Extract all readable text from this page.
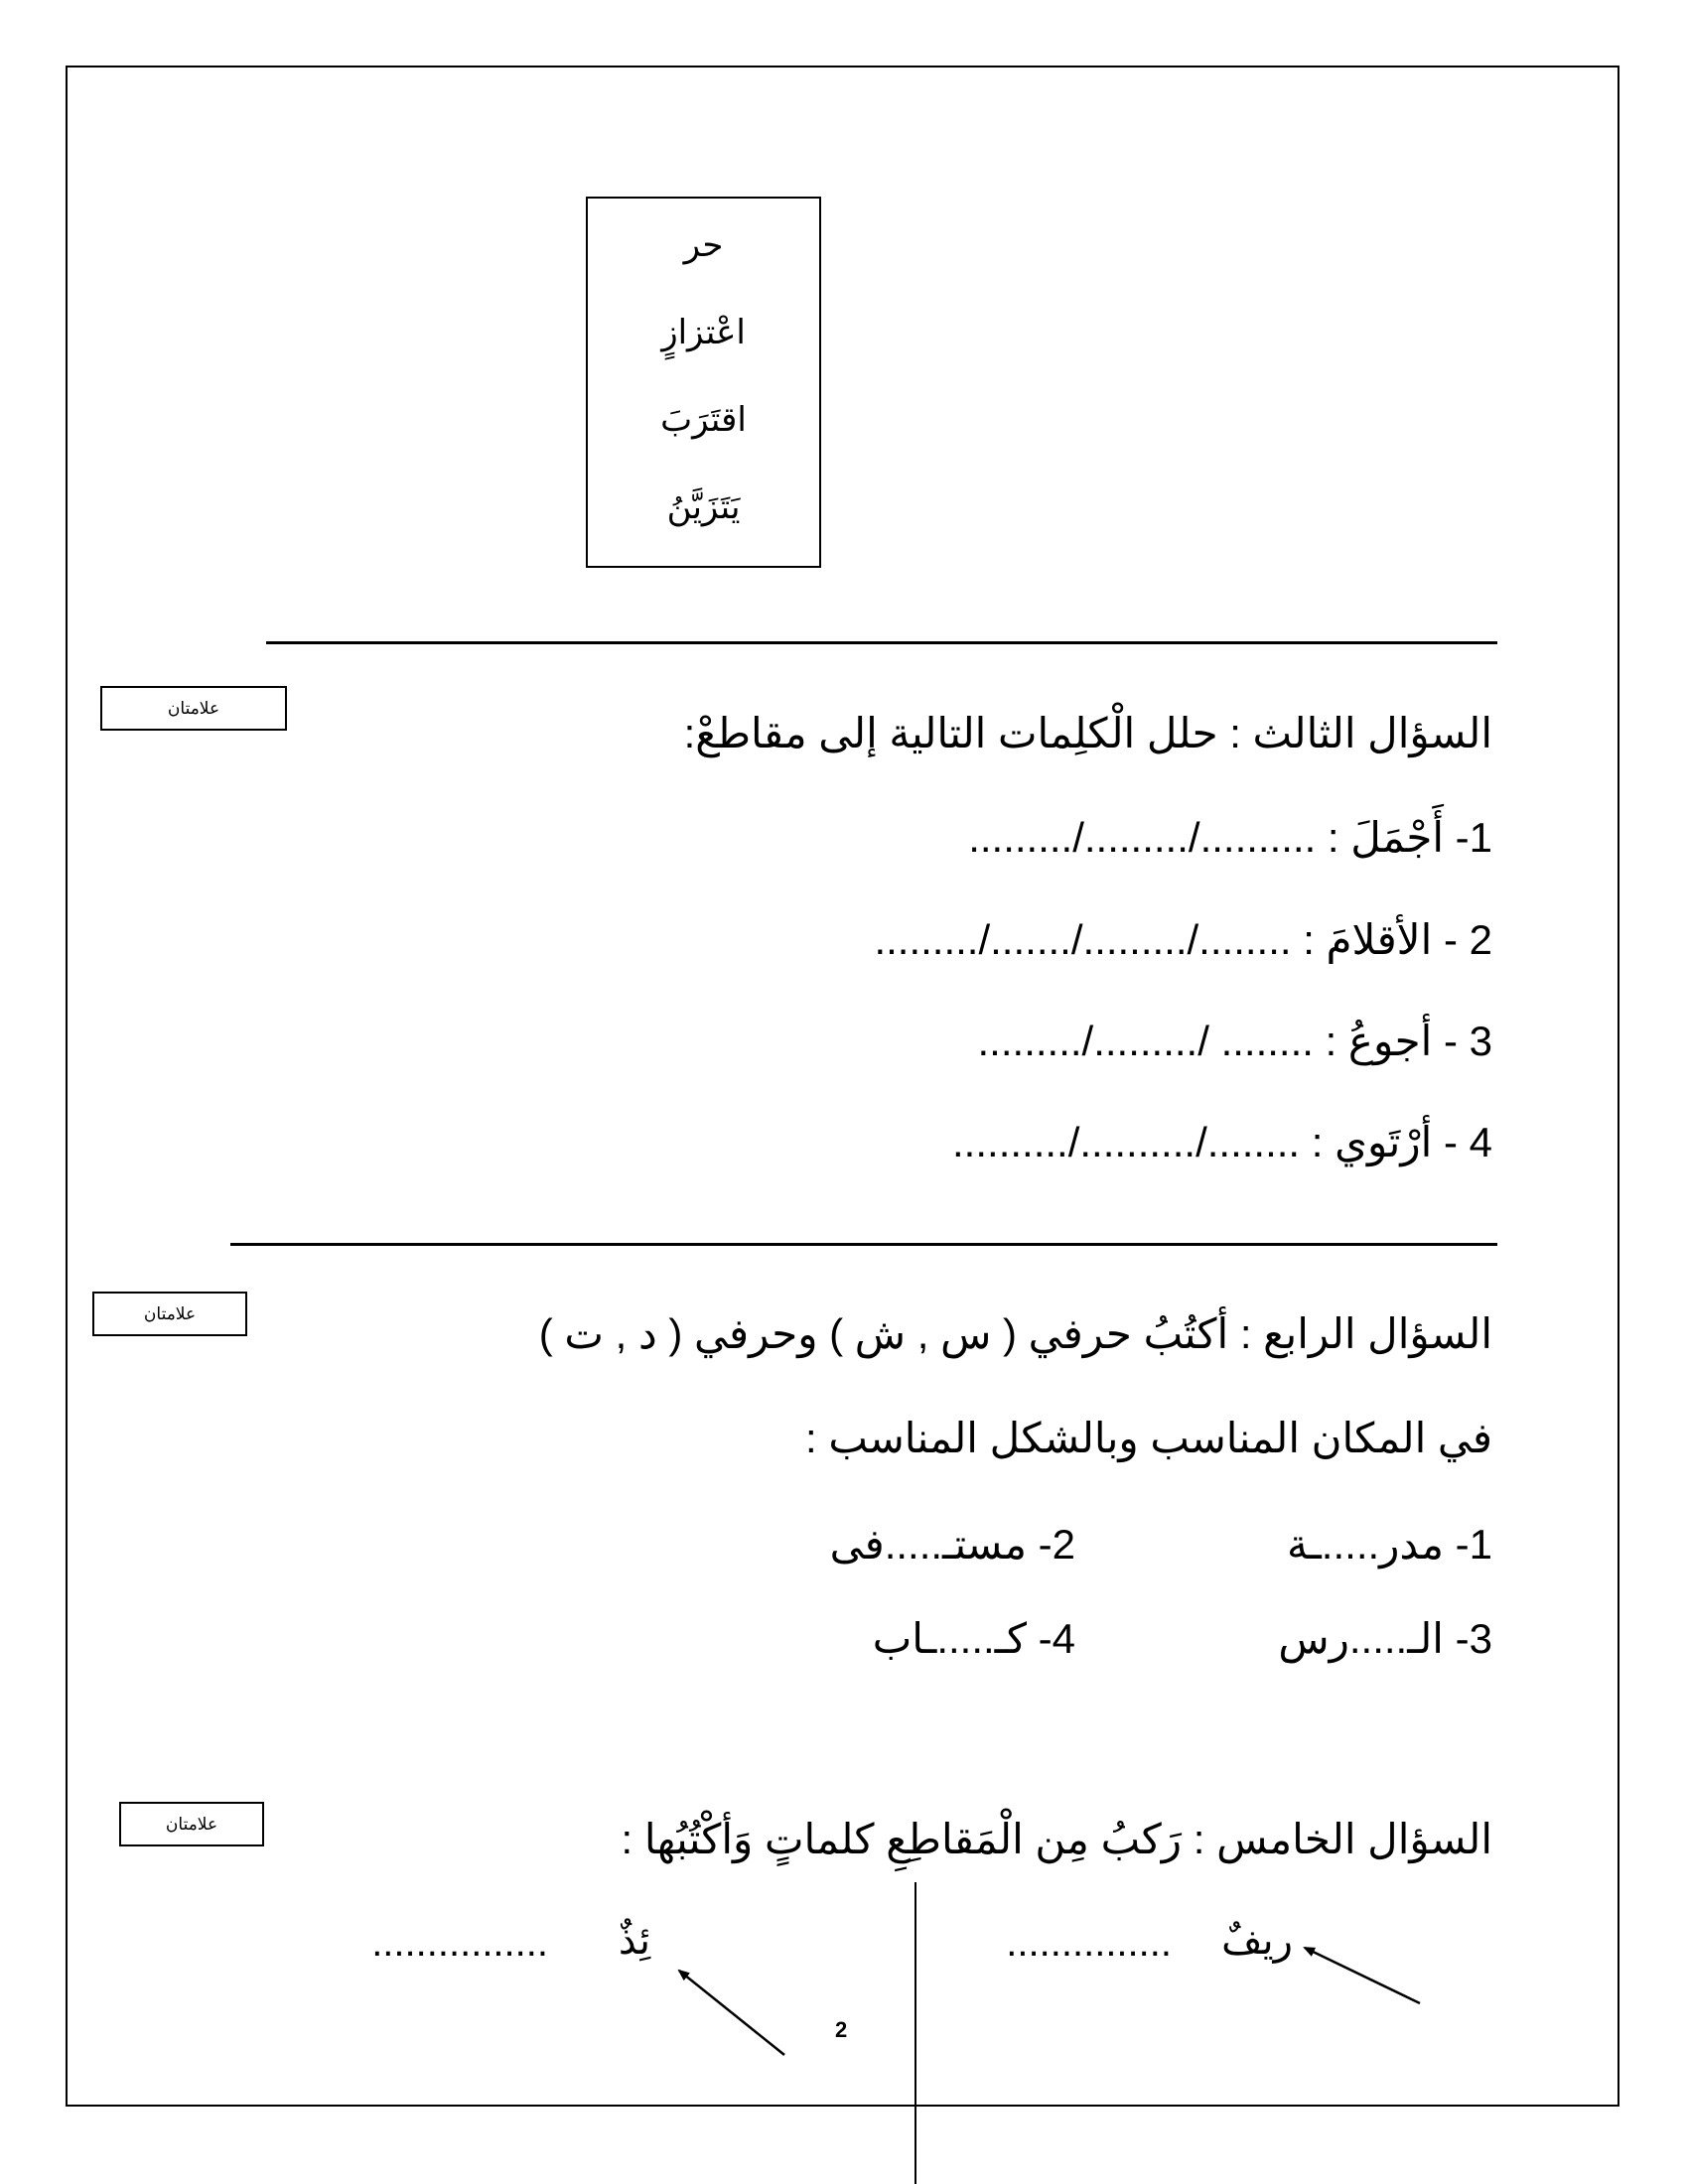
حر
اعْتزازٍ
اقتَرَبَ
يَتَزَيَّنُ
علامتان
السؤال الثالث : حلل الْكلِمات التالية إلى مقاطعْ:
1- أَجْمَلَ : ........../........./.........
2 - الأقلامَ : ......../........./......./.........
3 - أجوعُ : ........ /........./.........
4 - أرْتَوي : ......../........../..........
علامتان	السؤال الرابع : أكتُبُ حرفي ( س , ش ) وحرفي ( د , ت )
في المكان المناسب وبالشكل المناسب :
1- مدر.....ـة
2- مستـ.....فى
3- الـ.....رس
4- كـ.....ـاب
علامتان	السؤال الخامس : رَكبُ مِن الْمَقاطِعِ كلماتٍ وَأكْتُبُها :
ريفٌ
...............
ئِذٌ
................
2
